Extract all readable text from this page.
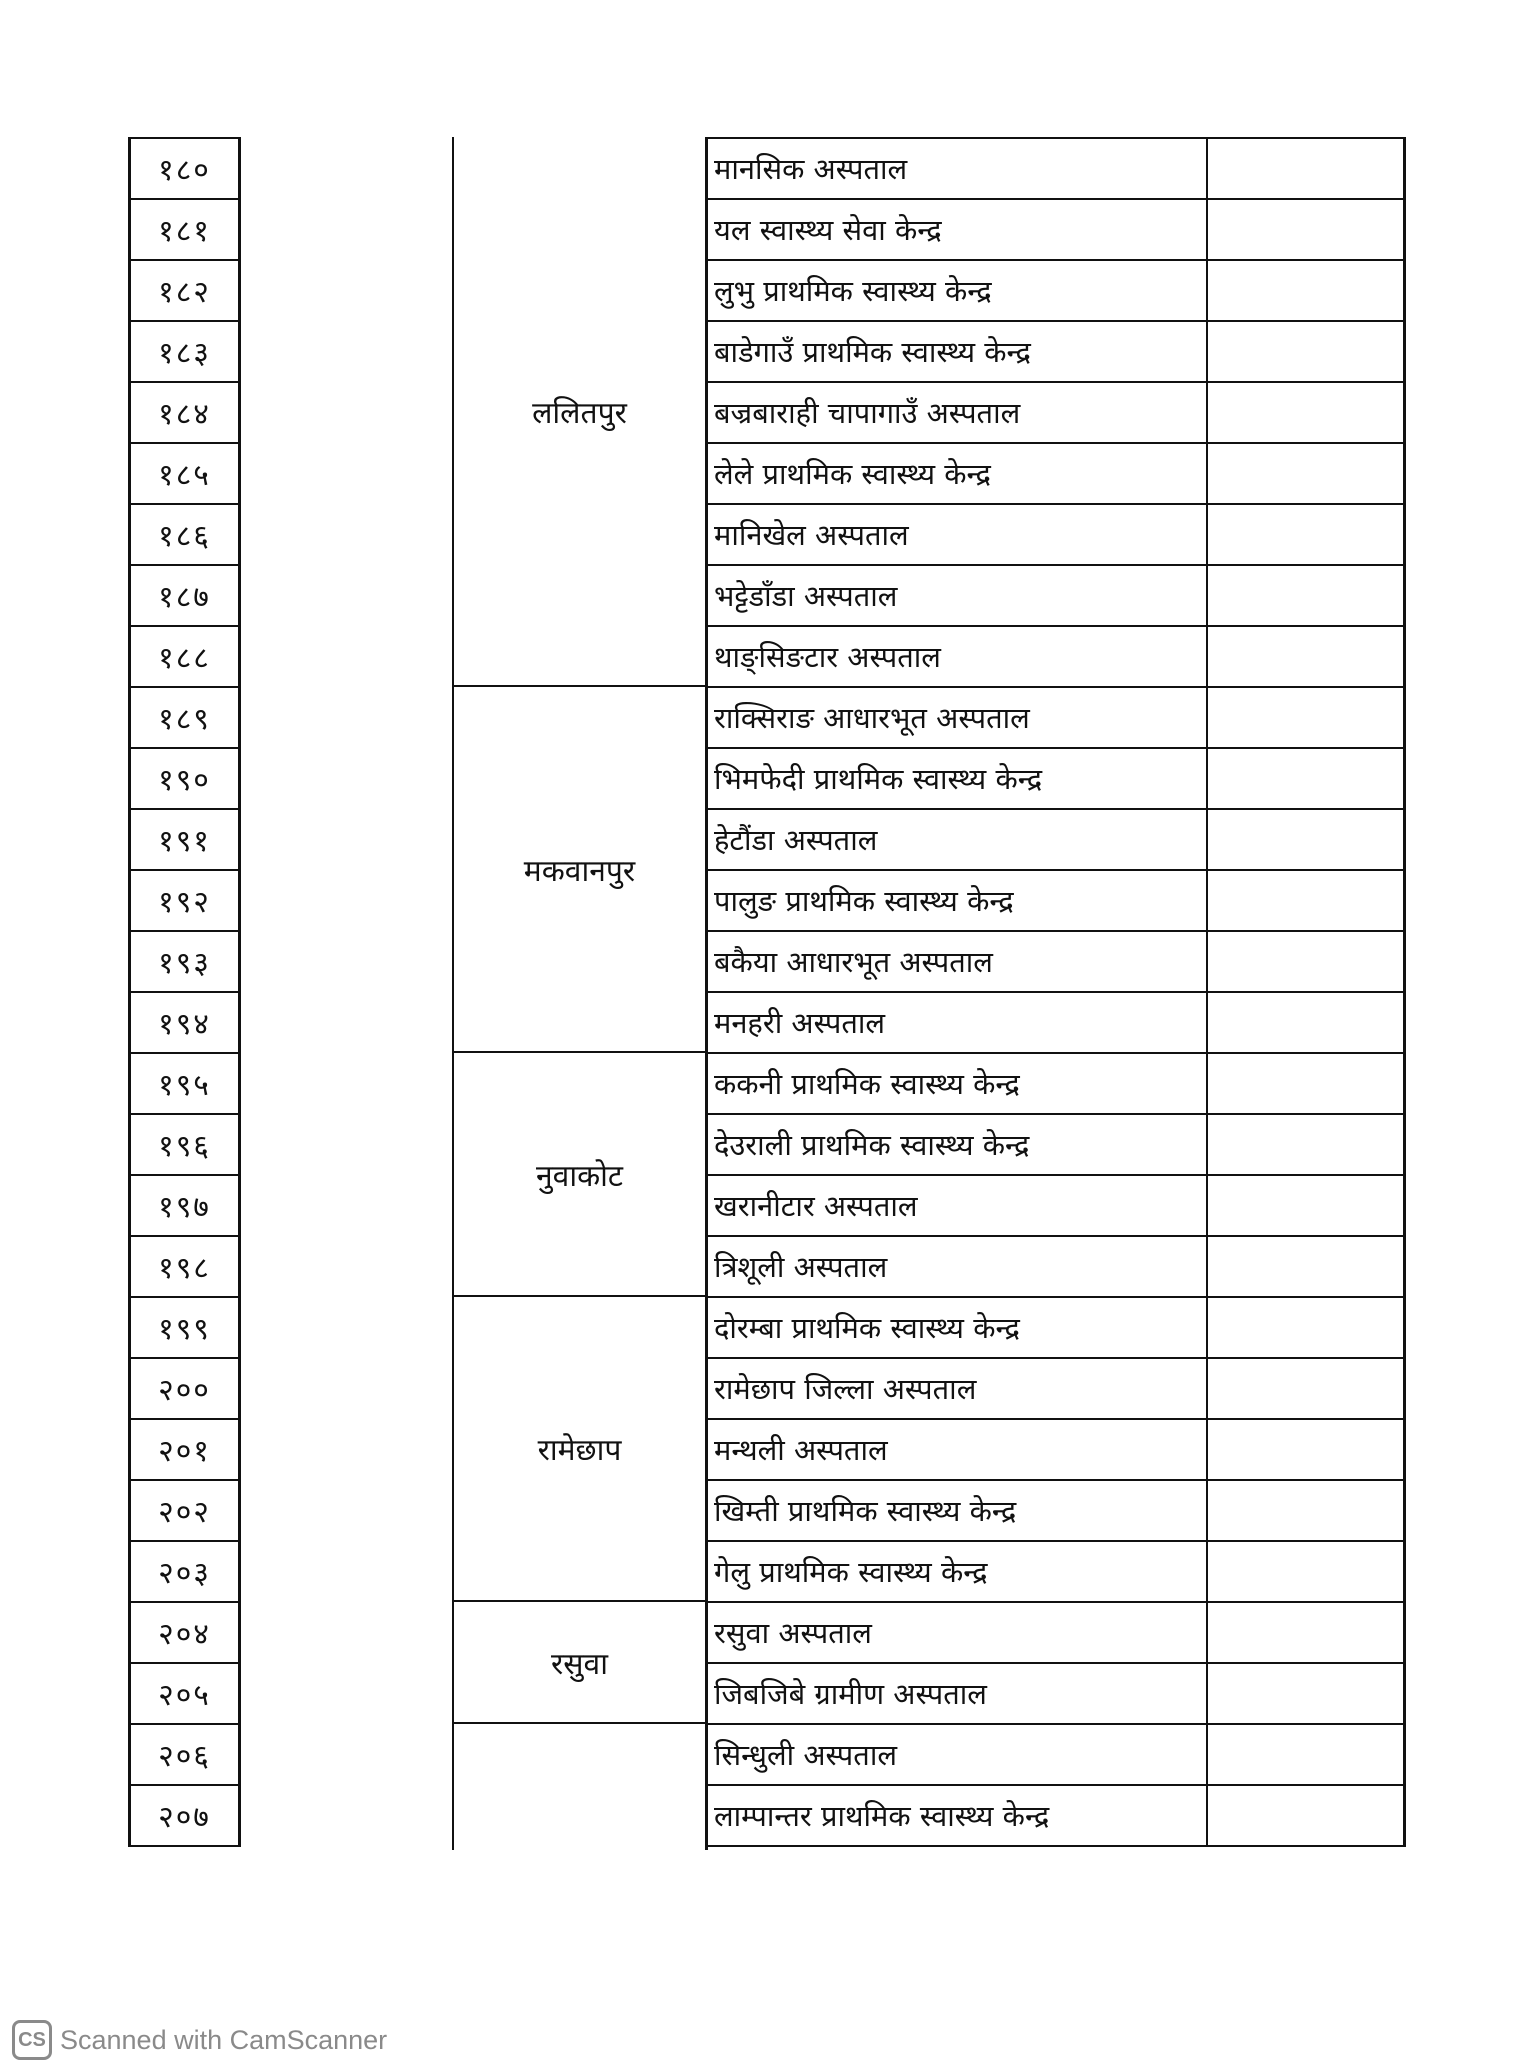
१८०
१८१
१८२
१८३
१८४
१८५
१८६
१८७
१८८
१८९
१९०
१९१
१९२
१९३
१९४
१९५
१९६
१९७
१९८
१९९
२००
२०१
२०२
२०३
२०४
२०५
२०६
२०७
ललितपुर
मकवानपुर
नुवाकोट
रामेछाप
रसुवा
मानसिक अस्पताल
यल स्वास्थ्य सेवा केन्द्र
लुभु प्राथमिक स्वास्थ्य केन्द्र
बाडेगाउँ प्राथमिक स्वास्थ्य केन्द्र
बज्रबाराही चापागाउँ अस्पताल
लेले प्राथमिक स्वास्थ्य केन्द्र
मानिखेल अस्पताल
भट्टेडाँडा अस्पताल
थाङ्सिङटार अस्पताल
राक्सिराङ आधारभूत अस्पताल
भिमफेदी प्राथमिक स्वास्थ्य केन्द्र
हेटौंडा अस्पताल
पालुङ प्राथमिक स्वास्थ्य केन्द्र
बकैया आधारभूत अस्पताल
मनहरी अस्पताल
ककनी प्राथमिक स्वास्थ्य केन्द्र
देउराली प्राथमिक स्वास्थ्य केन्द्र
खरानीटार अस्पताल
त्रिशूली अस्पताल
दोरम्बा प्राथमिक स्वास्थ्य केन्द्र
रामेछाप जिल्ला अस्पताल
मन्थली अस्पताल
खिम्ती प्राथमिक स्वास्थ्य केन्द्र
गेलु प्राथमिक स्वास्थ्य केन्द्र
रसुवा अस्पताल
जिबजिबे ग्रामीण अस्पताल
सिन्धुली अस्पताल
लाम्पान्तर प्राथमिक स्वास्थ्य केन्द्र
CS Scanned with CamScanner
